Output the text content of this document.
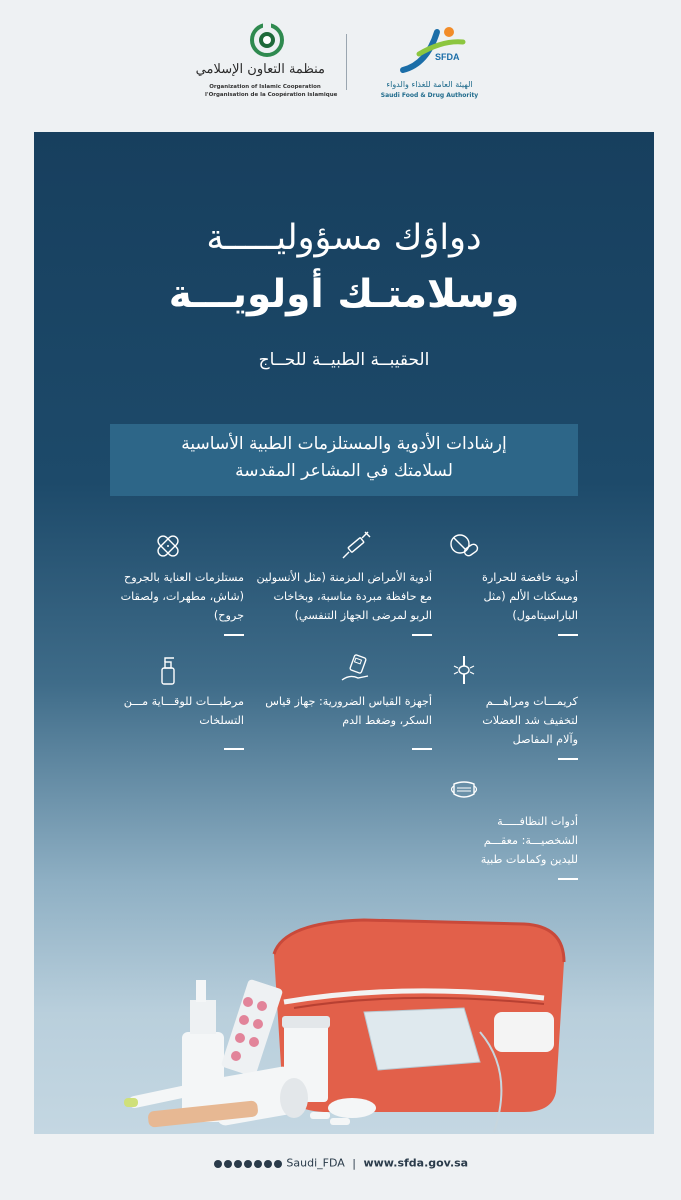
منظمة التعاون الإسلامي
Organization of Islamic Cooperation
l'Organisation de la Coopération islamique
SFDA
الهيئة العامة للغذاء والدواء
Saudi Food & Drug Authority
دواؤك مسؤوليـــــة
وسلامتـك أولويـــة
الحقيبــة الطبيــة للحــاج
إرشادات الأدوية والمستلزمات الطبية الأساسية
لسلامتك في المشاعر المقدسة
أدوية خافضة للحرارة
ومسكنات الألم (مثل
الباراسيتامول)
أدوية الأمراض المزمنة (مثل الأنسولين
مع حافظة مبردة مناسبة، وبخاخات
الربو لمرضى الجهاز التنفسي)
مستلزمات العناية بالجروح
(شاش، مطهرات، ولصقات
جروح)
كريمـــات ومراهـــم
لتخفيف شد العضلات
وآلام المفاصل
أجهزة القياس الضرورية: جهاز قياس
السكر، وضغط الدم
مرطبـــات للوقـــاية مـــن
التسلخات
أدوات النظافـــــة
الشخصيـــة: معقـــم
لليدين وكمامات طبية
Saudi_FDA | www.sfda.gov.sa
